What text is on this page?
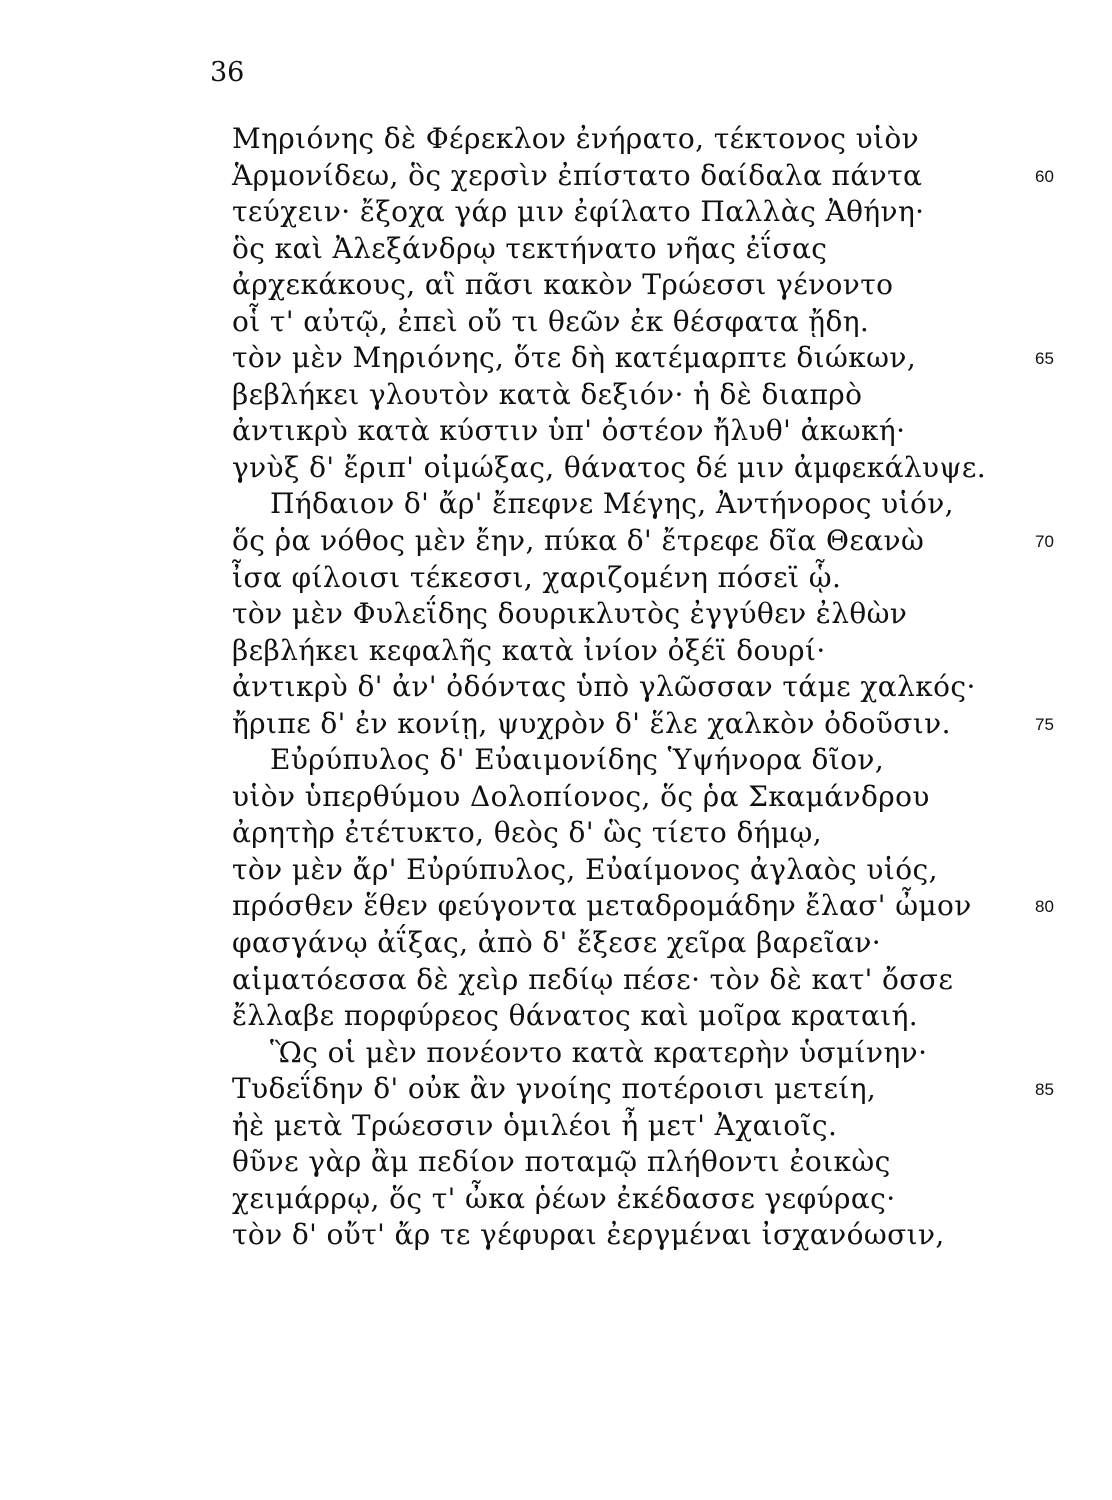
36
Μηριόνης δὲ Φέρεκλον ἐνήρατο, τέκτονος υἱὸν
Ἁρμονίδεω, ὃς χερσὶν ἐπίστατο δαίδαλα πάντα	60
τεύχειν· ἔξοχα γάρ μιν ἐφίλατο Παλλὰς Ἀθήνη·
ὃς καὶ Ἀλεξάνδρῳ τεκτήνατο νῆας ἐΐσας
ἀρχεκάκους, αἳ πᾶσι κακὸν Τρώεσσι γένοντο
οἷ τ' αὐτῷ, ἐπεὶ οὔ τι θεῶν ἐκ θέσφατα ᾔδη.
τὸν μὲν Μηριόνης, ὅτε δὴ κατέμαρπτε διώκων,	65
βεβλήκει γλουτὸν κατὰ δεξιόν· ἡ δὲ διαπρὸ
ἀντικρὺ κατὰ κύστιν ὑπ' ὀστέον ἤλυθ' ἀκωκή·
γνὺξ δ' ἔριπ' οἰμώξας, θάνατος δέ μιν ἀμφεκάλυψε.
Πήδαιον δ' ἄρ' ἔπεφνε Μέγης, Ἀντήνορος υἱόν,
ὅς ῥα νόθος μὲν ἔην, πύκα δ' ἔτρεφε δῖα Θεανὼ	70
ἶσα φίλοισι τέκεσσι, χαριζομένη πόσεϊ ᾧ.
τὸν μὲν Φυλεΐδης δουρικλυτὸς ἐγγύθεν ἐλθὼν
βεβλήκει κεφαλῆς κατὰ ἰνίον ὀξέϊ δουρί·
ἀντικρὺ δ' ἀν' ὀδόντας ὑπὸ γλῶσσαν τάμε χαλκός·
ἤριπε δ' ἐν κονίῃ, ψυχρὸν δ' ἕλε χαλκὸν ὀδοῦσιν.	75
Εὐρύπυλος δ' Εὐαιμονίδης Ὑψήνορα δῖον,
υἱὸν ὑπερθύμου Δολοπίονος, ὅς ῥα Σκαμάνδρου
ἀρητὴρ ἐτέτυκτο, θεὸς δ' ὣς τίετο δήμῳ,
τὸν μὲν ἄρ' Εὐρύπυλος, Εὐαίμονος ἀγλαὸς υἱός,
πρόσθεν ἕθεν φεύγοντα μεταδρομάδην ἔλασ' ὦμον	80
φασγάνῳ ἀΐξας, ἀπὸ δ' ἔξεσε χεῖρα βαρεῖαν·
αἱματόεσσα δὲ χεὶρ πεδίῳ πέσε· τὸν δὲ κατ' ὄσσε
ἔλλαβε πορφύρεος θάνατος καὶ μοῖρα κραταιή.
Ὣς οἱ μὲν πονέοντο κατὰ κρατερὴν ὑσμίνην·
Τυδεΐδην δ' οὐκ ἂν γνοίης ποτέροισι μετείη,	85
ἠὲ μετὰ Τρώεσσιν ὁμιλέοι ἦ μετ' Ἀχαιοῖς.
θῦνε γὰρ ἂμ πεδίον ποταμῷ πλήθοντι ἐοικὼς
χειμάρρῳ, ὅς τ' ὦκα ῥέων ἐκέδασσε γεφύρας·
τὸν δ' οὔτ' ἄρ τε γέφυραι ἐεργμέναι ἰσχανόωσιν,
